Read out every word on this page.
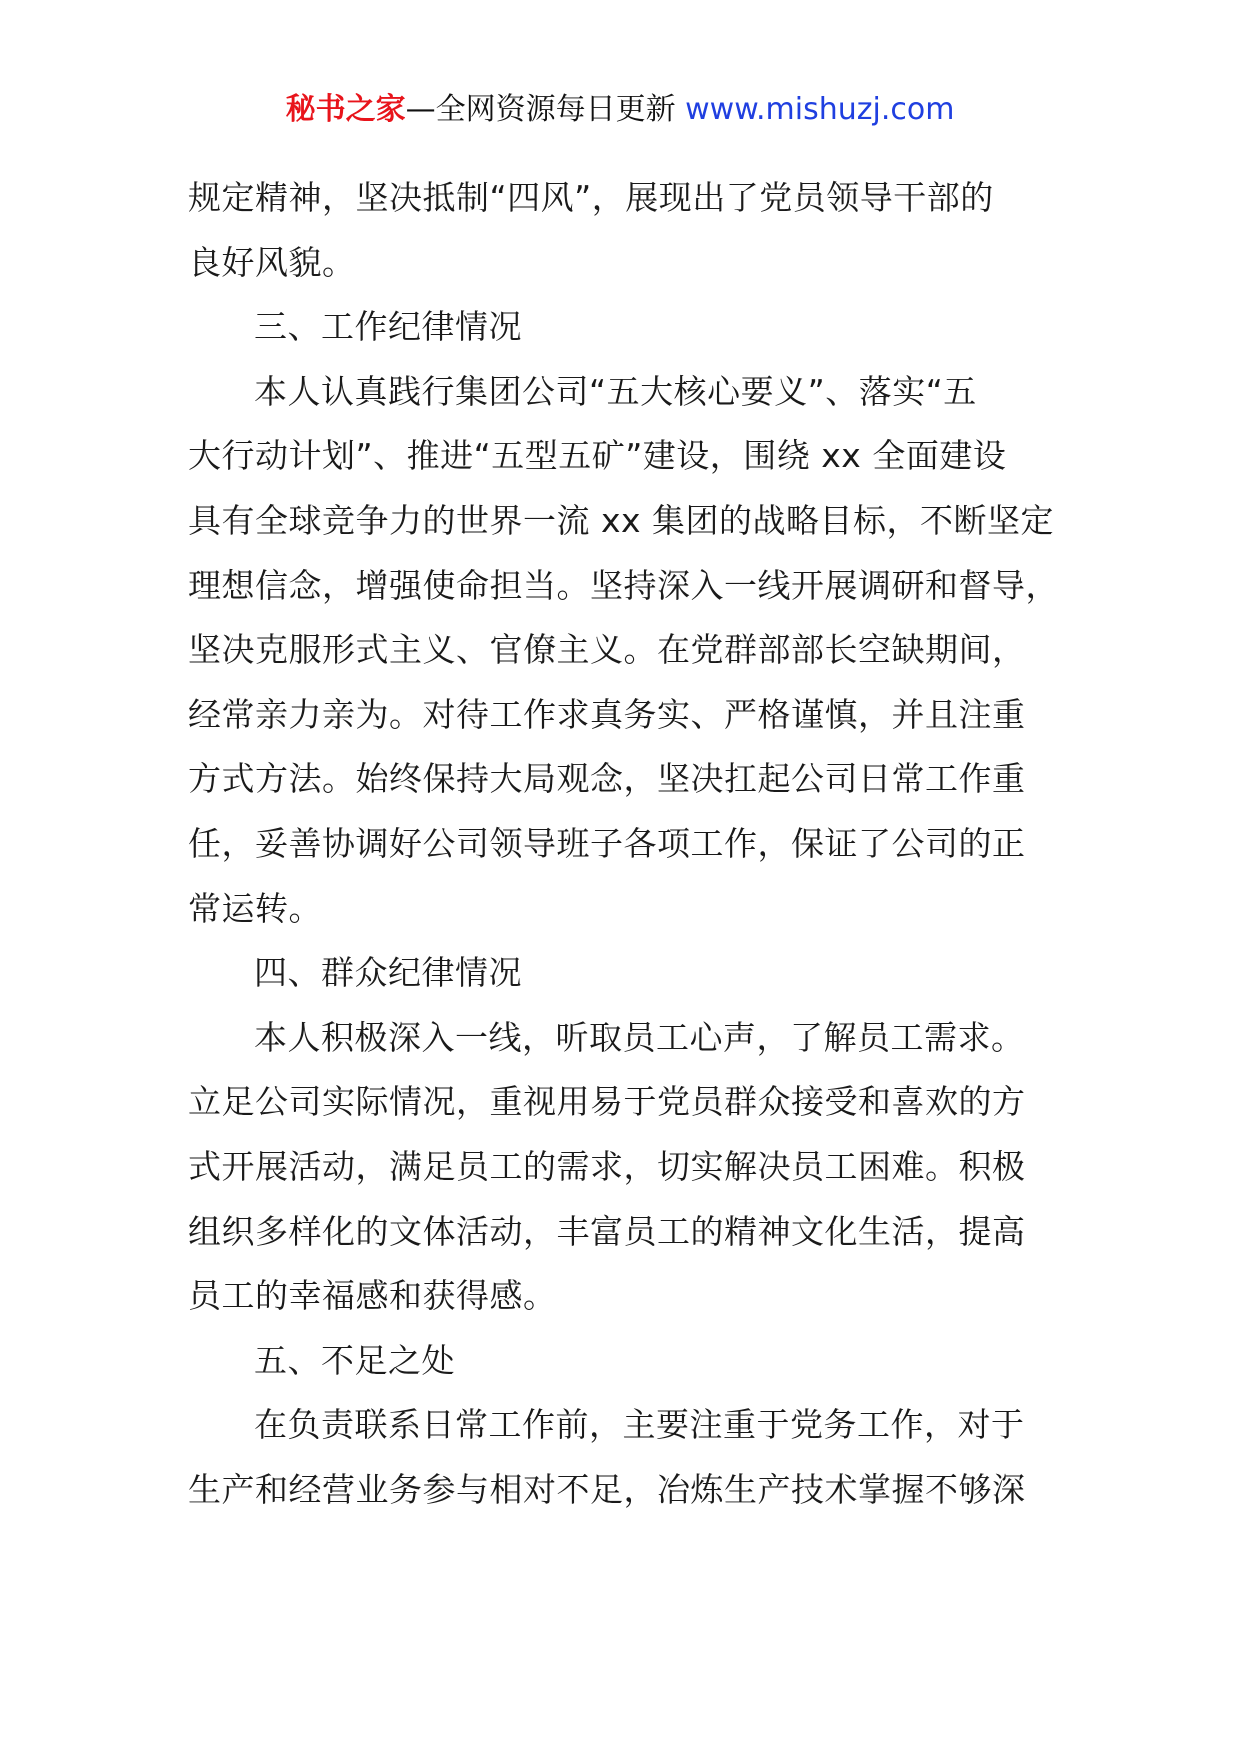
秘书之家—全网资源每日更新 www.mishuzj.com
规定精神，坚决抵制“四风”，展现出了党员领导干部的
良好风貌。
三、工作纪律情况
本人认真践行集团公司“五大核心要义”、落实“五
大行动计划”、推进“五型五矿”建设，围绕 xx 全面建设
具有全球竞争力的世界一流 xx 集团的战略目标，不断坚定
理想信念，增强使命担当。坚持深入一线开展调研和督导，
坚决克服形式主义、官僚主义。在党群部部长空缺期间，
经常亲力亲为。对待工作求真务实、严格谨慎，并且注重
方式方法。始终保持大局观念，坚决扛起公司日常工作重
任，妥善协调好公司领导班子各项工作，保证了公司的正
常运转。
四、群众纪律情况
本人积极深入一线，听取员工心声，了解员工需求。
立足公司实际情况，重视用易于党员群众接受和喜欢的方
式开展活动，满足员工的需求，切实解决员工困难。积极
组织多样化的文体活动，丰富员工的精神文化生活，提高
员工的幸福感和获得感。
五、不足之处
在负责联系日常工作前，主要注重于党务工作，对于
生产和经营业务参与相对不足，冶炼生产技术掌握不够深
